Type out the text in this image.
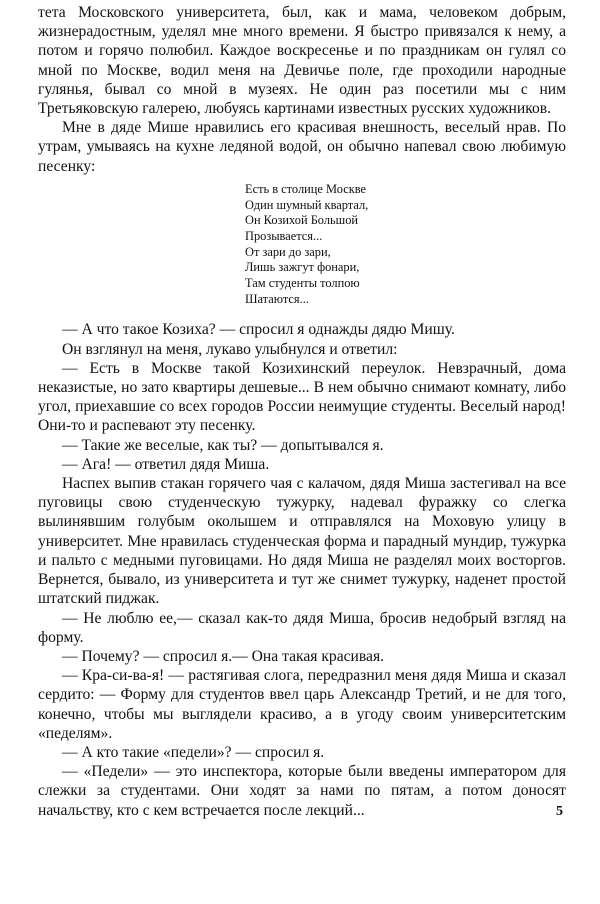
тета Московского университета, был, как и мама, человеком добрым, жизнерадостным, уделял мне много времени. Я быстро привязался к нему, а потом и горячо полюбил. Каждое воскресенье и по праздникам он гулял со мной по Москве, водил меня на Девичье поле, где проходили народные гулянья, бывал со мной в музеях. Не один раз посетили мы с ним Третьяковскую галерею, любуясь картинами известных русских художников.

Мне в дяде Мише нравились его красивая внешность, веселый нрав. По утрам, умываясь на кухне ледяной водой, он обычно напевал свою любимую песенку:

Есть в столице Москве
Один шумный квартал,
Он Козихой Большой
Прозывается...
От зари до зари,
Лишь зажгут фонари,
Там студенты толпою
Шатаются...

— А что такое Козиха? — спросил я однажды дядю Мишу.

Он взглянул на меня, лукаво улыбнулся и ответил:

— Есть в Москве такой Козихинский переулок. Невзрачный, дома неказистые, но зато квартиры дешевые... В нем обычно снимают комнату, либо угол, приехавшие со всех городов России неимущие студенты. Веселый народ! Они-то и распевают эту песенку.

— Такие же веселые, как ты? — допытывался я.

— Ага! — ответил дядя Миша.

Наспех выпив стакан горячего чая с калачом, дядя Миша застегивал на все пуговицы свою студенческую тужурку, надевал фуражку со слегка вылинявшим голубым околышем и отправлялся на Моховую улицу в университет. Мне нравилась студенческая форма и парадный мундир, тужурка и пальто с медными пуговицами. Но дядя Миша не разделял моих восторгов. Вернется, бывало, из университета и тут же снимет тужурку, наденет простой штатский пиджак.

— Не люблю ее,— сказал как-то дядя Миша, бросив недобрый взгляд на форму.

— Почему? — спросил я.— Она такая красивая.

— Кра-си-ва-я! — растягивая слога, передразнил меня дядя Миша и сказал сердито: — Форму для студентов ввел царь Александр Третий, и не для того, конечно, чтобы мы выглядели красиво, а в угоду своим университетским «педелям».

— А кто такие «педели»? — спросил я.

— «Педели» — это инспектора, которые были введены императором для слежки за студентами. Они ходят за нами по пятам, а потом доносят начальству, кто с кем встречается после лекций...	5
